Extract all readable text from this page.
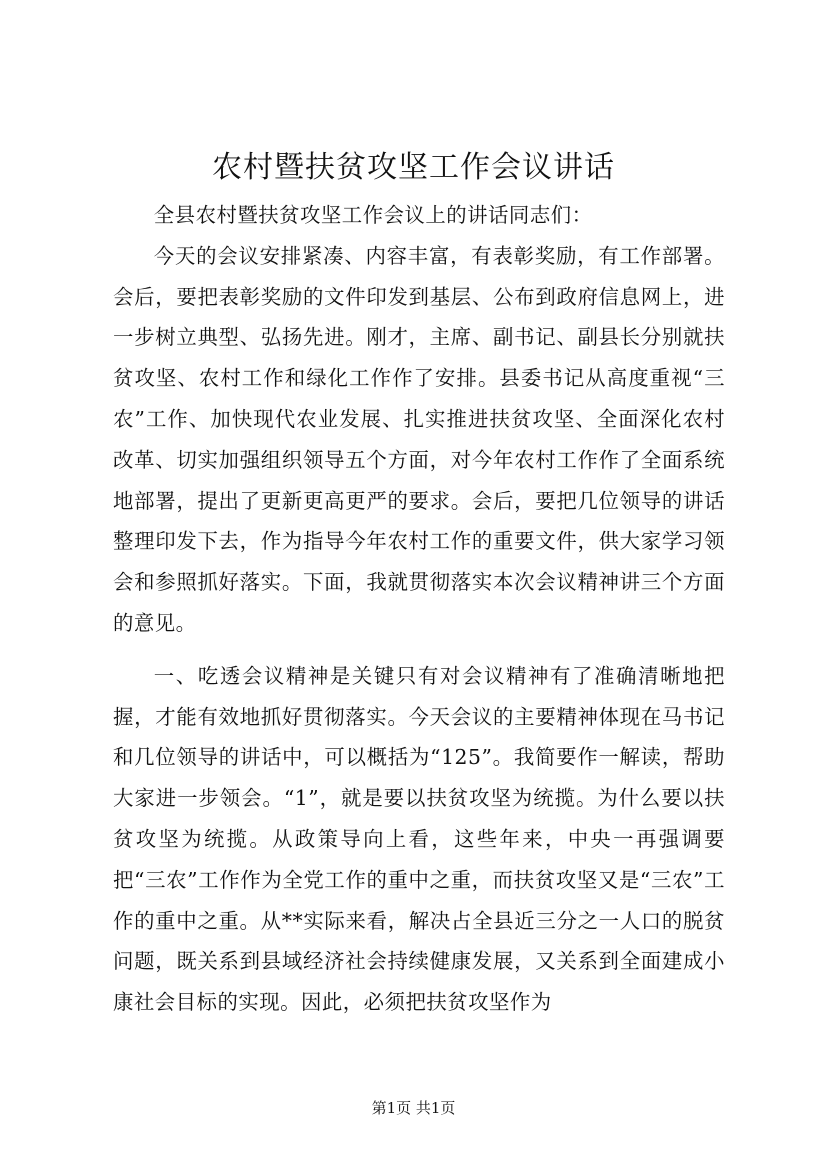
农村暨扶贫攻坚工作会议讲话

全县农村暨扶贫攻坚工作会议上的讲话同志们：

今天的会议安排紧凑、内容丰富，有表彰奖励，有工作部署。会后，要把表彰奖励的文件印发到基层、公布到政府信息网上，进一步树立典型、弘扬先进。刚才，主席、副书记、副县长分别就扶贫攻坚、农村工作和绿化工作作了安排。县委书记从高度重视“三农”工作、加快现代农业发展、扎实推进扶贫攻坚、全面深化农村改革、切实加强组织领导五个方面，对今年农村工作作了全面系统地部署，提出了更新更高更严的要求。会后，要把几位领导的讲话整理印发下去，作为指导今年农村工作的重要文件，供大家学习领会和参照抓好落实。下面，我就贯彻落实本次会议精神讲三个方面的意见。

一、吃透会议精神是关键只有对会议精神有了准确清晰地把握，才能有效地抓好贯彻落实。今天会议的主要精神体现在马书记和几位领导的讲话中，可以概括为“125”。我简要作一解读，帮助大家进一步领会。“1”，就是要以扶贫攻坚为统揽。为什么要以扶贫攻坚为统揽。从政策导向上看，这些年来，中央一再强调要把“三农”工作作为全党工作的重中之重，而扶贫攻坚又是“三农”工作的重中之重。从**实际来看，解决占全县近三分之一人口的脱贫问题，既关系到县域经济社会持续健康发展，又关系到全面建成小康社会目标的实现。因此，必须把扶贫攻坚作为

第1页 共1页
